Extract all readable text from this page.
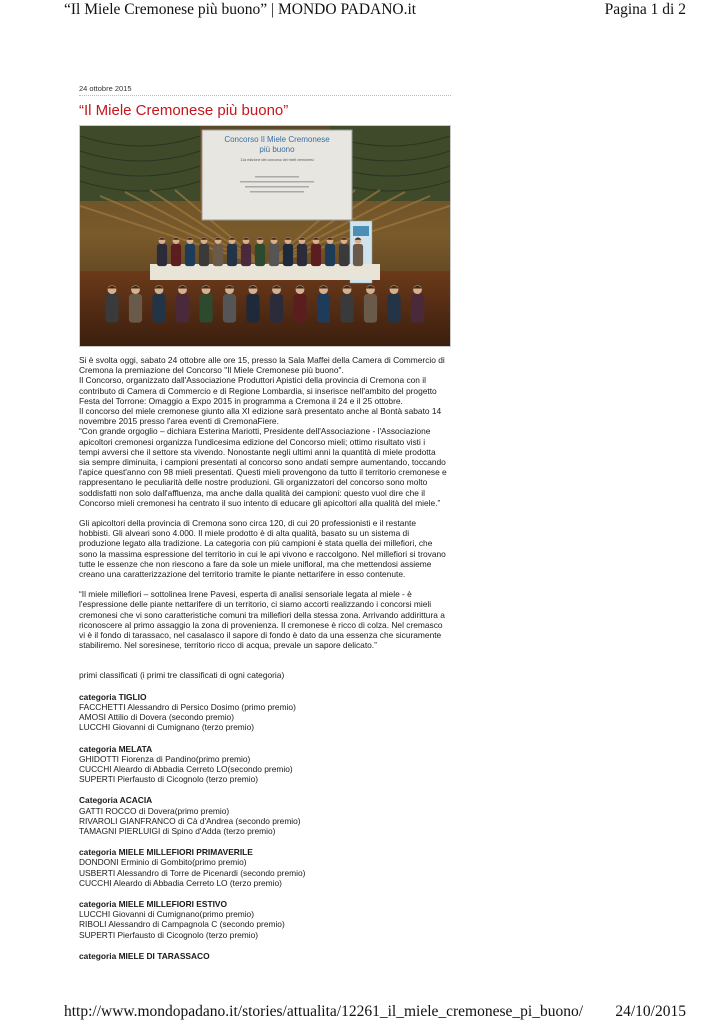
“Il Miele Cremonese più buono” | MONDO PADANO.it	Pagina 1 di 2
24 ottobre 2015
“Il Miele Cremonese più buono”
Concorso Il Miele Cremonese
più buono
11a edizione del concorso dei mieli cremonesi

Si è svolta oggi, sabato 24 ottobre alle ore 15, presso la Sala Maffei della Camera di Commercio di

Cremona la premiazione del Concorso "Il Miele Cremonese più buono".

Il Concorso, organizzato dall'Associazione Produttori Apistici della provincia di Cremona con il

contributo di Camera di Commercio e di Regione Lombardia, si inserisce nell'ambito del progetto

Festa del Torrone: Omaggio a Expo 2015 in programma a Cremona il 24 e il 25 ottobre.

Il concorso del miele cremonese giunto alla XI edizione sarà presentato anche al Bontà sabato 14

novembre 2015 presso l'area eventi di CremonaFiere.

“Con grande orgoglio – dichiara Esterina Mariotti, Presidente dell'Associazione - l'Associazione

apicoltori cremonesi organizza l'undicesima edizione del Concorso mieli; ottimo risultato visti i

tempi avversi che il settore sta vivendo. Nonostante negli ultimi anni la quantità di miele prodotta

sia sempre diminuita, i campioni presentati al concorso sono andati sempre aumentando, toccando

l'apice quest'anno con 98 mieli presentati. Questi mieli provengono da tutto il territorio cremonese e

rappresentano le peculiarità delle nostre produzioni. Gli organizzatori del concorso sono molto

soddisfatti non solo dall'affluenza, ma anche dalla qualità dei campioni: questo vuol dire che il

Concorso mieli cremonesi ha centrato il suo intento di educare gli apicoltori alla qualità del miele.”

Gli apicoltori della provincia di Cremona sono circa 120, di cui 20 professionisti e il restante

hobbisti. Gli alveari sono 4.000. Il miele prodotto è di alta qualità, basato su un sistema di

produzione legato alla tradizione. La categoria con più campioni è stata quella dei millefiori, che

sono la massima espressione del territorio in cui le api vivono e raccolgono. Nel millefiori si trovano

tutte le essenze che non riescono a fare da sole un miele unifloral, ma che mettendosi assieme

creano una caratterizzazione del territorio tramite le piante nettarifere in esso contenute.

“Il miele millefiori – sottolinea Irene Pavesi, esperta di analisi sensoriale legata al miele - è

l'espressione delle piante nettarifere di un territorio, ci siamo accorti realizzando i concorsi mieli

cremonesi che vi sono caratteristiche comuni tra millefiori della stessa zona. Arrivando addirittura a

riconoscere al primo assaggio la zona di provenienza. Il cremonese è ricco di colza. Nel cremasco

vi è il fondo di tarassaco, nel casalasco il sapore di fondo è dato da una essenza che sicuramente

stabiliremo. Nel soresinese, territorio ricco di acqua, prevale un sapore delicato.”

primi classificati (i primi tre classificati di ogni categoria)

categoria TIGLIO

FACCHETTI Alessandro di Persico Dosimo (primo premio)

AMOSI Attilio di Dovera (secondo premio)

LUCCHI Giovanni di Cumignano (terzo premio)

categoria MELATA

GHIDOTTI Fiorenza di Pandino(primo premio)

CUCCHI Aleardo di Abbadia Cerreto LO(secondo premio)

SUPERTI Pierfausto di Cicognolo (terzo premio)

Categoria ACACIA

GATTI ROCCO di Dovera(primo premio)

RIVAROLI GIANFRANCO di Cà d'Andrea (secondo premio)

TAMAGNI PIERLUIGI di Spino d'Adda (terzo premio)

categoria MIELE MILLEFIORI PRIMAVERILE

DONDONI Erminio di Gombito(primo premio)

USBERTI Alessandro di Torre de Picenardi (secondo premio)

CUCCHI Aleardo di Abbadia Cerreto LO (terzo premio)

categoria MIELE MILLEFIORI ESTIVO

LUCCHI Giovanni di Cumignano(primo premio)

RIBOLI Alessandro di Campagnola C (secondo premio)

SUPERTI Pierfausto di Cicognolo (terzo premio)

categoria MIELE DI TARASSACO

http://www.mondopadano.it/stories/attualita/12261_il_miele_cremonese_pi_buono/ 24/10/2015
